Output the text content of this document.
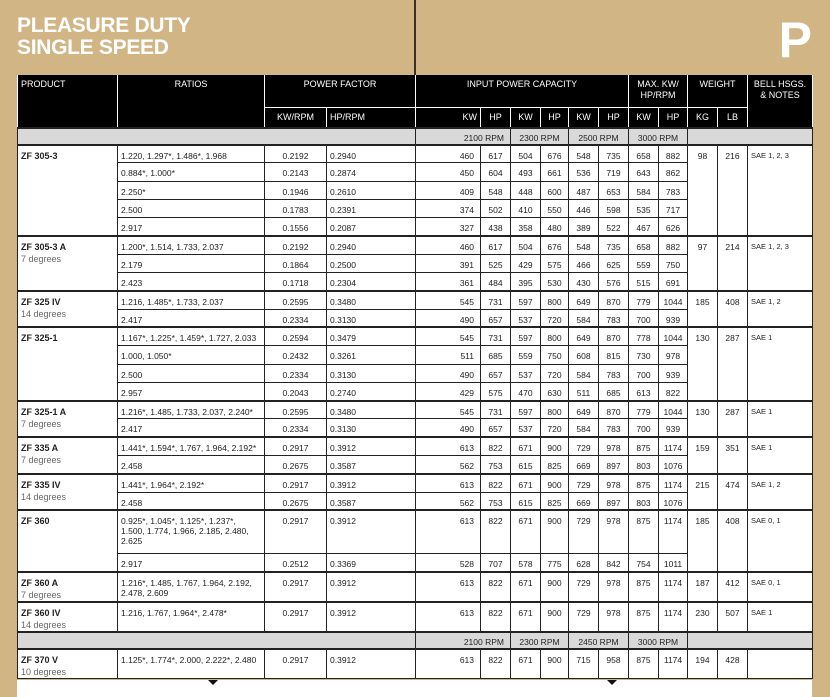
PLEASURE DUTY
SINGLE SPEED	P
PRODUCT	RATIOS	POWER FACTOR		INPUT POWER CAPACITY						MAX. KW/ HP/RPM		WEIGHT		BELL HSGS. & NOTES
		KW/RPM	HP/RPM	KW	HP	KW	HP	KW	HP	KW	HP	KG	LB	
				2100 RPM		2300 RPM		2500 RPM		3000 RPM				
ZF 305-3	1.220, 1.297*, 1.486*, 1.968	0.2192	0.2940	460	617	504	676	548	735	658	882	98	216	SAE 1, 2, 3
	0.884*, 1.000*	0.2143	0.2874	450	604	493	661	536	719	643	862			
	2.250*	0.1946	0.2610	409	548	448	600	487	653	584	783			
	2.500	0.1783	0.2391	374	502	410	550	446	598	535	717			
	2.917	0.1556	0.2087	327	438	358	480	389	522	467	626			
ZF 305-3 A
7 degrees	1.200*, 1.514, 1.733, 2.037	0.2192	0.2940	460	617	504	676	548	735	658	882	97	214	SAE 1, 2, 3
	2.179	0.1864	0.2500	391	525	429	575	466	625	559	750			
	2.423	0.1718	0.2304	361	484	395	530	430	576	515	691			
ZF 325 IV
14 degrees	1.216, 1.485*, 1.733, 2.037	0.2595	0.3480	545	731	597	800	649	870	779	1044	185	408	SAE 1, 2
	2.417	0.2334	0.3130	490	657	537	720	584	783	700	939			
ZF 325-1	1.167*, 1.225*, 1.459*, 1.727, 2.033	0.2594	0.3479	545	731	597	800	649	870	778	1044	130	287	SAE 1
	1.000, 1.050*	0.2432	0.3261	511	685	559	750	608	815	730	978			
	2.500	0.2334	0.3130	490	657	537	720	584	783	700	939			
	2.957	0.2043	0.2740	429	575	470	630	511	685	613	822			
ZF 325-1 A
7 degrees	1.216*, 1.485, 1.733, 2.037, 2.240*	0.2595	0.3480	545	731	597	800	649	870	779	1044	130	287	SAE 1
	2.417	0.2334	0.3130	490	657	537	720	584	783	700	939			
ZF 335 A
7 degrees	1.441*, 1.594*, 1.767, 1.964, 2.192*	0.2917	0.3912	613	822	671	900	729	978	875	1174	159	351	SAE 1
	2.458	0.2675	0.3587	562	753	615	825	669	897	803	1076			
ZF 335 IV
14 degrees	1.441*, 1.964*, 2.192*	0.2917	0.3912	613	822	671	900	729	978	875	1174	215	474	SAE 1, 2
	2.458	0.2675	0.3587	562	753	615	825	669	897	803	1076			
ZF 360	0.925*, 1.045*, 1.125*, 1.237*, 1.500, 1.774, 1.966, 2.185, 2.480, 2.625	0.2917	0.3912	613	822	671	900	729	978	875	1174	185	408	SAE 0, 1
	2.917	0.2512	0.3369	528	707	578	775	628	842	754	1011			
ZF 360 A
7 degrees	1.216*, 1.485, 1.767, 1.964, 2.192, 2.478, 2.609	0.2917	0.3912	613	822	671	900	729	978	875	1174	187	412	SAE 0, 1
ZF 360 IV
14 degrees	1.216, 1.767, 1.964*, 2.478*	0.2917	0.3912	613	822	671	900	729	978	875	1174	230	507	SAE 1
				2100 RPM		2300 RPM		2450 RPM		3000 RPM				
ZF 370 V
10 degrees	1.125*, 1.774*, 2.000, 2.222*, 2.480	0.2917	0.3912	613	822	671	900	715	958	875	1174	194	428	
